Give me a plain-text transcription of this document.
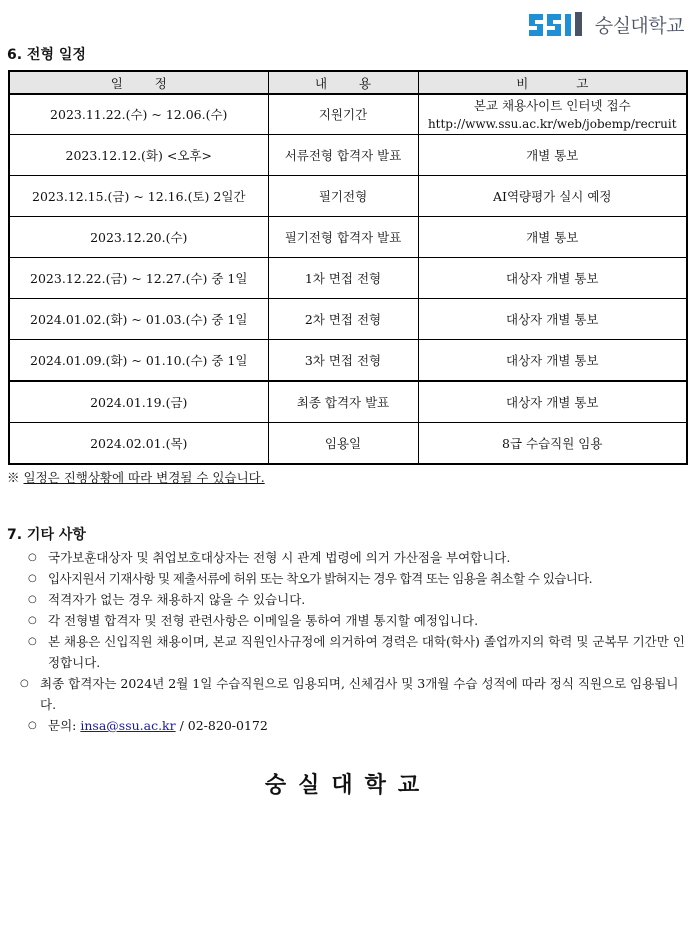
숭실대학교
6. 전형 일정
일 정	내 용	비 고
2023.11.22.(수) ~ 12.06.(수)	지원기간	본교 채용사이트 인터넷 접수
http://www.ssu.ac.kr/web/jobemp/recruit

2023.12.12.(화) <오후>	서류전형 합격자 발표	개별 통보
2023.12.15.(금) ~ 12.16.(토) 2일간	필기전형	AI역량평가 실시 예정
2023.12.20.(수)	필기전형 합격자 발표	개별 통보
2023.12.22.(금) ~ 12.27.(수) 중 1일	1차 면접 전형	대상자 개별 통보
2024.01.02.(화) ~ 01.03.(수) 중 1일	2차 면접 전형	대상자 개별 통보
2024.01.09.(화) ~ 01.10.(수) 중 1일	3차 면접 전형	대상자 개별 통보
2024.01.19.(금)	최종 합격자 발표	대상자 개별 통보
2024.02.01.(목)	임용일	8급 수습직원 임용
※ 일정은 진행상황에 따라 변경될 수 있습니다.
7. 기타 사항
○ 국가보훈대상자 및 취업보호대상자는 전형 시 관계 법령에 의거 가산점을 부여합니다.
○ 입사지원서 기재사항 및 제출서류에 허위 또는 착오가 밝혀지는 경우 합격 또는 임용을 취소할 수 있습니다.
○ 적격자가 없는 경우 채용하지 않을 수 있습니다.
○ 각 전형별 합격자 및 전형 관련사항은 이메일을 통하여 개별 통지할 예정입니다.
○ 본 채용은 신입직원 채용이며, 본교 직원인사규정에 의거하여 경력은 대학(학사) 졸업까지의 학력 및 군복무 기간만 인정합니다.
○ 최종 합격자는 2024년 2월 1일 수습직원으로 임용되며, 신체검사 및 3개월 수습 성적에 따라 정식 직원으로 임용됩니다.
○ 문의: insa@ssu.ac.kr / 02-820-0172
숭실대학교
